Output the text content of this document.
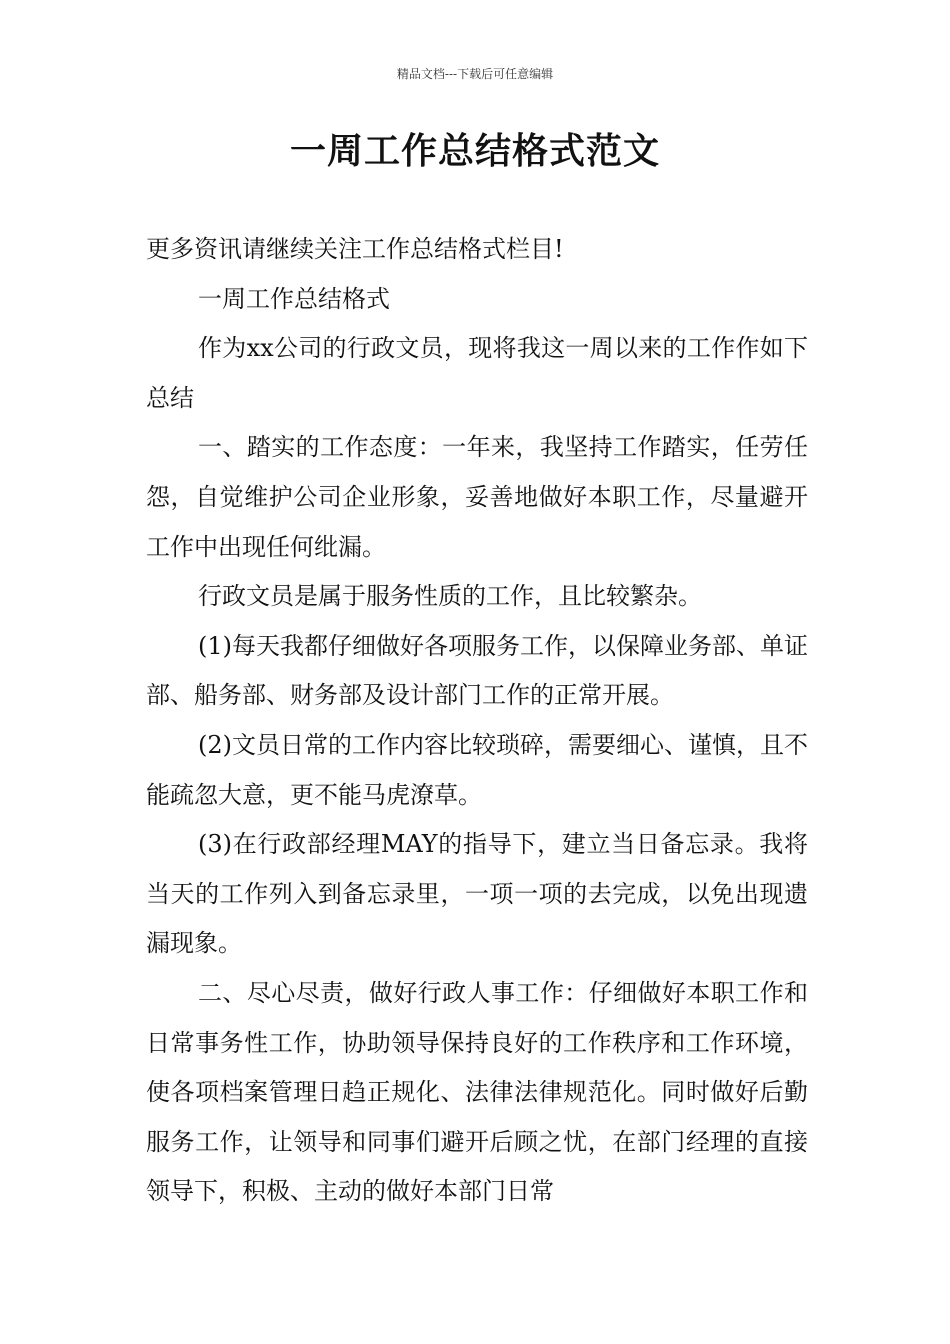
精品文档---下载后可任意编辑
一周工作总结格式范文

更多资讯请继续关注工作总结格式栏目!

一周工作总结格式

作为xx公司的行政文员，现将我这一周以来的工作作如下总结

一、踏实的工作态度：一年来，我坚持工作踏实，任劳任怨，自觉维护公司企业形象，妥善地做好本职工作，尽量避开工作中出现任何纰漏。

行政文员是属于服务性质的工作，且比较繁杂。

(1)每天我都仔细做好各项服务工作，以保障业务部、单证部、船务部、财务部及设计部门工作的正常开展。

(2)文员日常的工作内容比较琐碎，需要细心、谨慎，且不能疏忽大意，更不能马虎潦草。

(3)在行政部经理MAY的指导下，建立当日备忘录。我将当天的工作列入到备忘录里，一项一项的去完成，以免出现遗漏现象。

二、尽心尽责，做好行政人事工作：仔细做好本职工作和日常事务性工作，协助领导保持良好的工作秩序和工作环境，使各项档案管理日趋正规化、法律法律规范化。同时做好后勤服务工作，让领导和同事们避开后顾之忧，在部门经理的直接领导下，积极、主动的做好本部门日常
